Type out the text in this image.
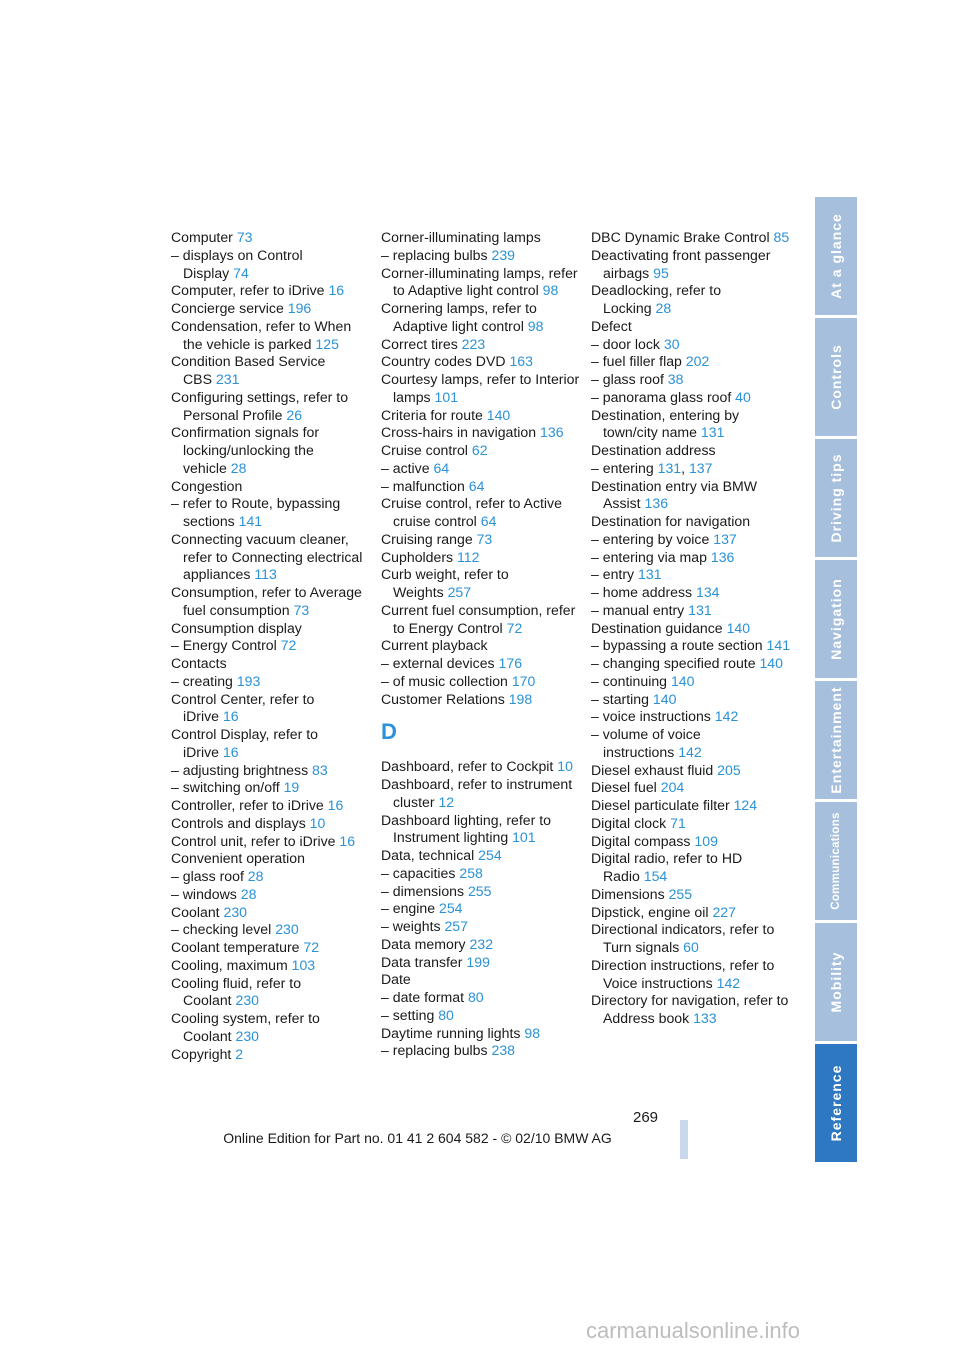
Computer 73
– displays on Control Display 74
Computer, refer to iDrive 16
Concierge service 196
Condensation, refer to When the vehicle is parked 125
Condition Based Service CBS 231
Configuring settings, refer to Personal Profile 26
Confirmation signals for locking/unlocking the vehicle 28
Congestion
– refer to Route, bypassing sections 141
Connecting vacuum cleaner, refer to Connecting electrical appliances 113
Consumption, refer to Average fuel consumption 73
Consumption display
– Energy Control 72
Contacts
– creating 193
Control Center, refer to iDrive 16
Control Display, refer to iDrive 16
– adjusting brightness 83
– switching on/off 19
Controller, refer to iDrive 16
Controls and displays 10
Control unit, refer to iDrive 16
Convenient operation
– glass roof 28
– windows 28
Coolant 230
– checking level 230
Coolant temperature 72
Cooling, maximum 103
Cooling fluid, refer to Coolant 230
Cooling system, refer to Coolant 230
Copyright 2
Corner-illuminating lamps
– replacing bulbs 239
Corner-illuminating lamps, refer to Adaptive light control 98
Cornering lamps, refer to Adaptive light control 98
Correct tires 223
Country codes DVD 163
Courtesy lamps, refer to Interior lamps 101
Criteria for route 140
Cross-hairs in navigation 136
Cruise control 62
– active 64
– malfunction 64
Cruise control, refer to Active cruise control 64
Cruising range 73
Cupholders 112
Curb weight, refer to Weights 257
Current fuel consumption, refer to Energy Control 72
Current playback
– external devices 176
– of music collection 170
Customer Relations 198
D
Dashboard, refer to Cockpit 10
Dashboard, refer to instrument cluster 12
Dashboard lighting, refer to Instrument lighting 101
Data, technical 254
– capacities 258
– dimensions 255
– engine 254
– weights 257
Data memory 232
Data transfer 199
Date
– date format 80
– setting 80
Daytime running lights 98
– replacing bulbs 238
DBC Dynamic Brake Control 85
Deactivating front passenger airbags 95
Deadlocking, refer to Locking 28
Defect
– door lock 30
– fuel filler flap 202
– glass roof 38
– panorama glass roof 40
Destination, entering by town/city name 131
Destination address
– entering 131, 137
Destination entry via BMW Assist 136
Destination for navigation
– entering by voice 137
– entering via map 136
– entry 131
– home address 134
– manual entry 131
Destination guidance 140
– bypassing a route section 141
– changing specified route 140
– continuing 140
– starting 140
– voice instructions 142
– volume of voice instructions 142
Diesel exhaust fluid 205
Diesel fuel 204
Diesel particulate filter 124
Digital clock 71
Digital compass 109
Digital radio, refer to HD Radio 154
Dimensions 255
Dipstick, engine oil 227
Directional indicators, refer to Turn signals 60
Direction instructions, refer to Voice instructions 142
Directory for navigation, refer to Address book 133
At a glance
Controls
Driving tips
Navigation
Entertainment
Communications
Mobility
Reference
269
Online Edition for Part no. 01 41 2 604 582 - © 02/10 BMW AG
carmanualsonline.info
